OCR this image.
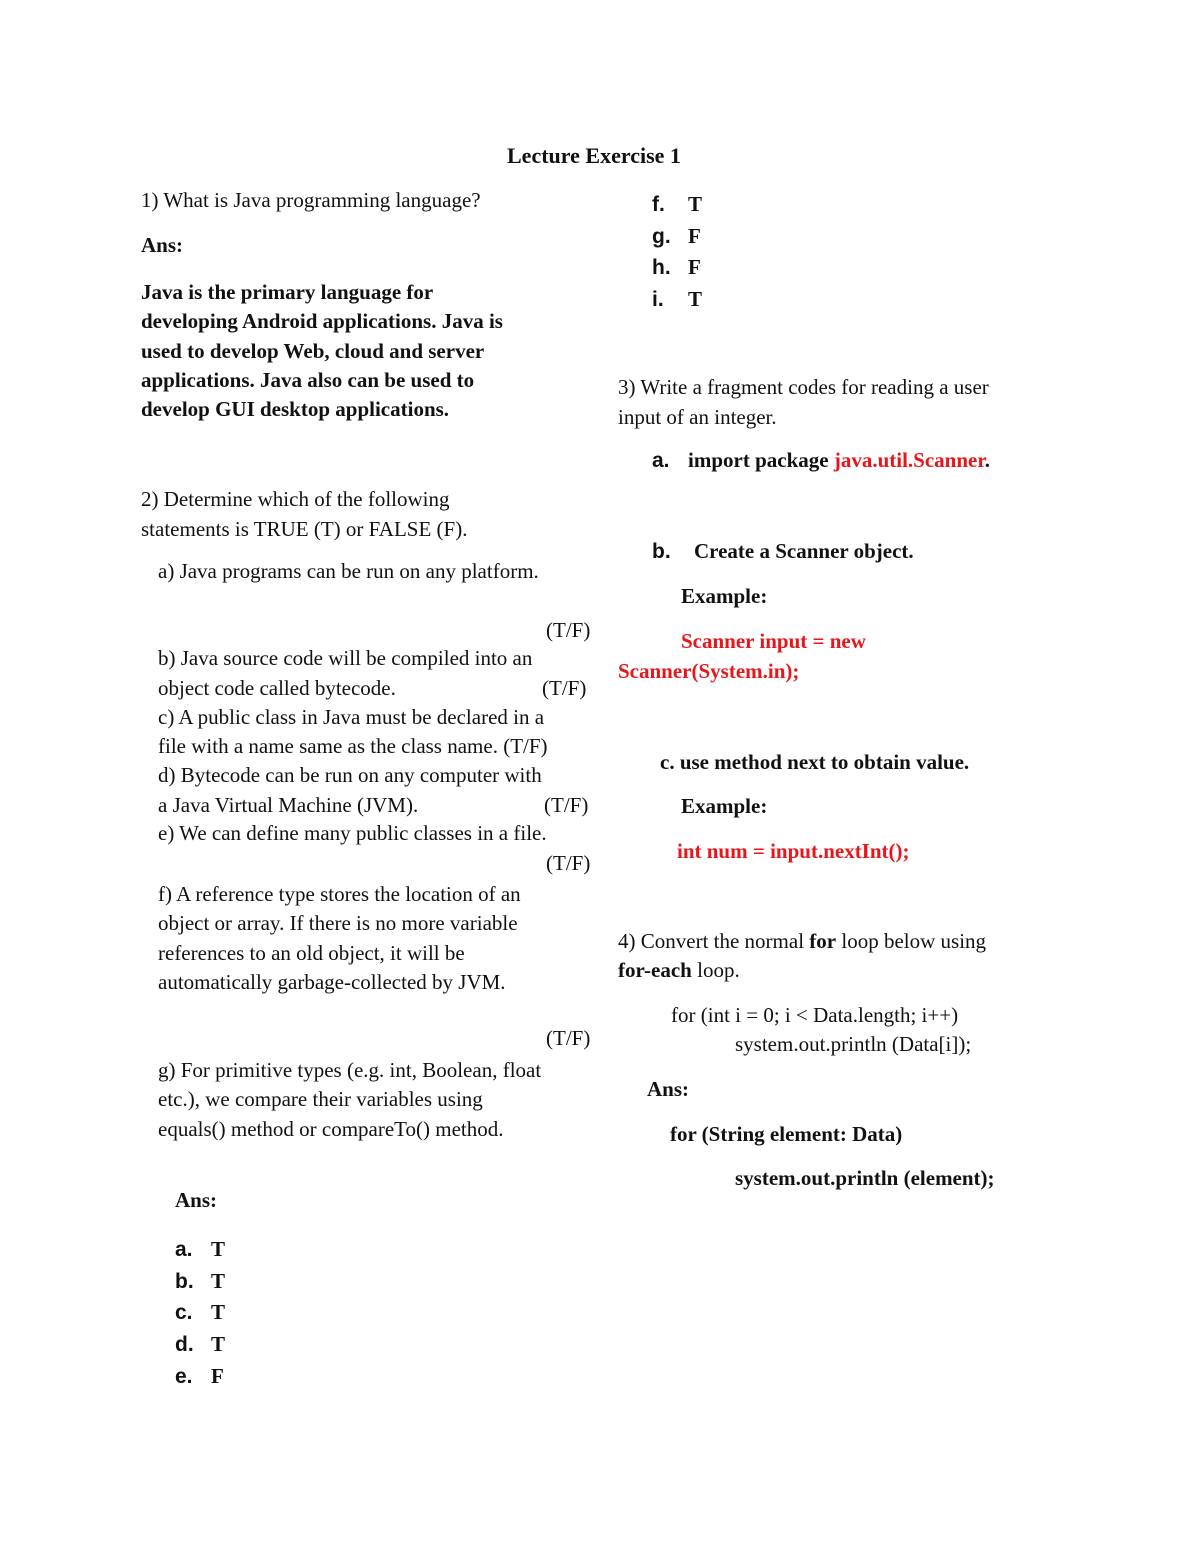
Lecture Exercise 1
1) What is Java programming language?
Ans:
Java is the primary language for
developing Android applications. Java is
used to develop Web, cloud and server
applications. Java also can be used to
develop GUI desktop applications.
2) Determine which of the following
statements is TRUE (T) or FALSE (F).
a) Java programs can be run on any platform.
(T/F)
b) Java source code will be compiled into an
object code called bytecode.	(T/F)
c) A public class in Java must be declared in a
file with a name same as the class name. (T/F)
d) Bytecode can be run on any computer with
a Java Virtual Machine (JVM).	(T/F)
e) We can define many public classes in a file.
(T/F)
f) A reference type stores the location of an
object or array. If there is no more variable
references to an old object, it will be
automatically garbage-collected by JVM.
(T/F)
g) For primitive types (e.g. int, Boolean, float
etc.), we compare their variables using
equals() method or compareTo() method.
Ans:
a. T
b. T
c. T
d. T
e. F
f. T
g. F
h. F
i. T
3) Write a fragment codes for reading a user
input of an integer.
a. import package java.util.Scanner.
b. Create a Scanner object.
Example:
Scanner input = new
Scanner(System.in);
c. use method next to obtain value.
Example:
int num = input.nextInt();
4) Convert the normal for loop below using
for-each loop.
for (int i = 0; i < Data.length; i++)
system.out.println (Data[i]);
Ans:
for (String element: Data)
system.out.println (element);
